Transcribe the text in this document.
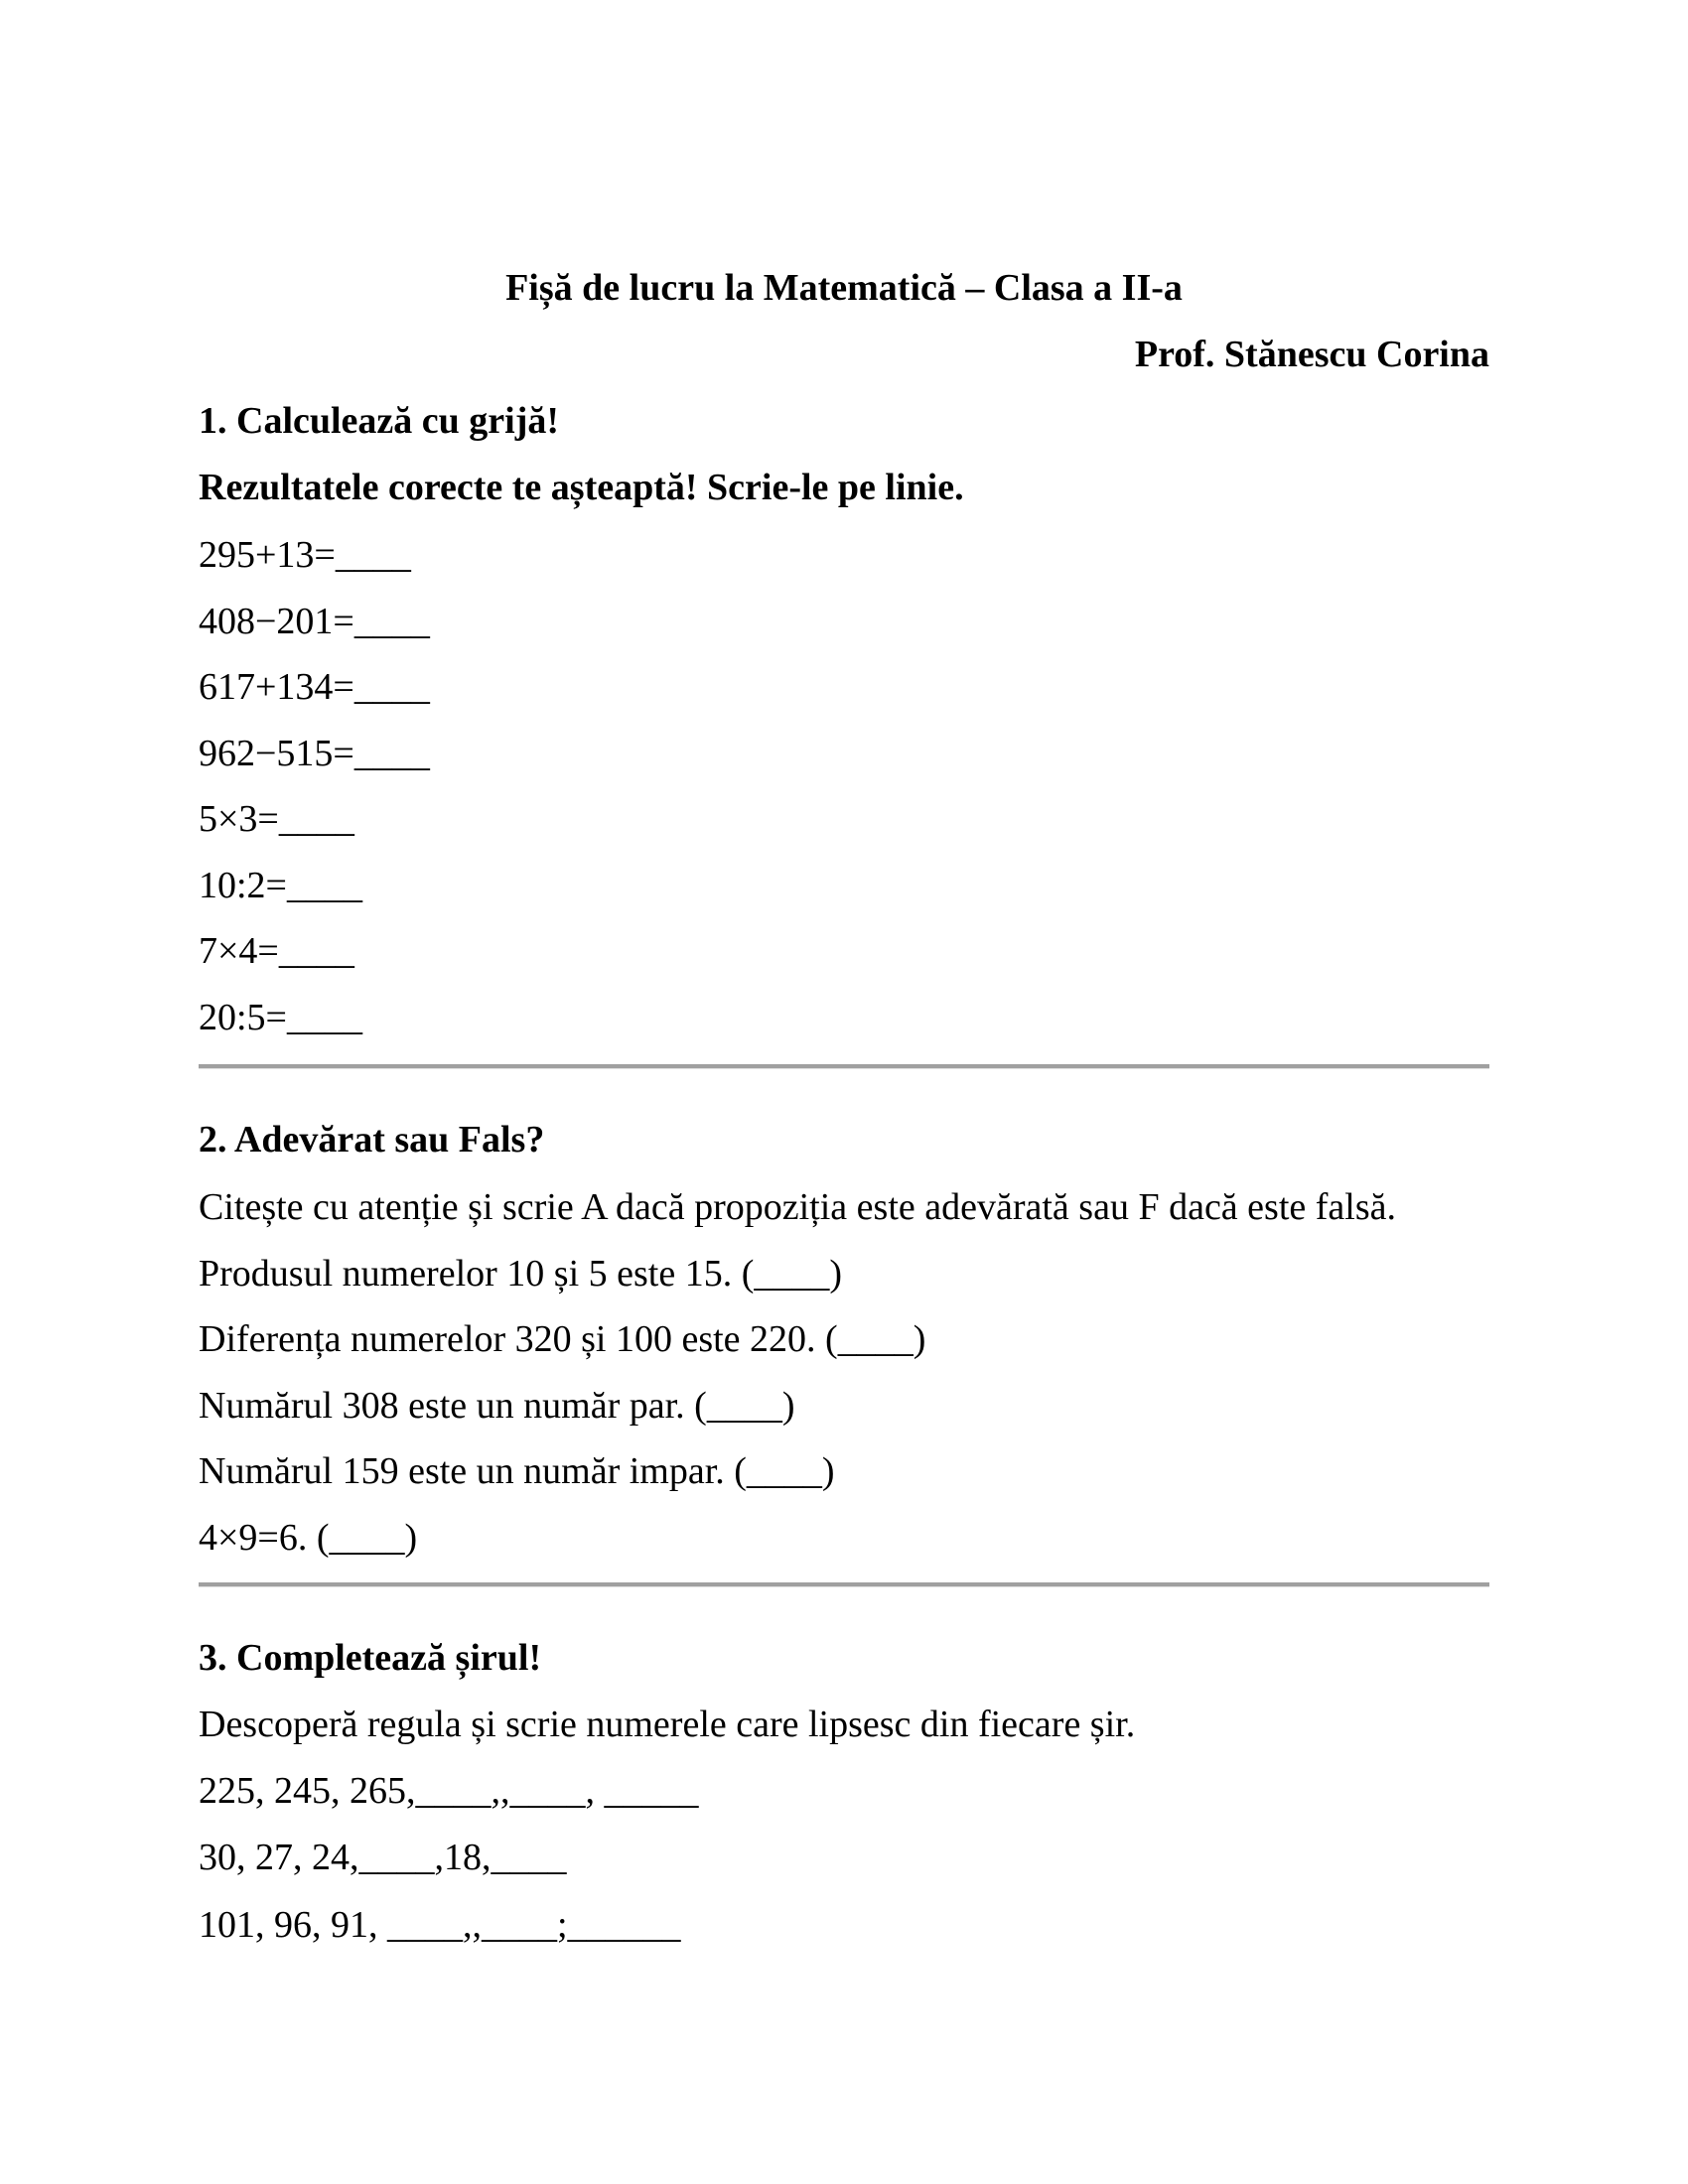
Fișă de lucru la Matematică – Clasa a II-a
Prof. Stănescu Corina
1. Calculează cu grijă!
Rezultatele corecte te așteaptă! Scrie-le pe linie.
295+13=____
408−201=____
617+134=____
962−515=____
5×3=____
10:2=____
7×4=____
20:5=____
2. Adevărat sau Fals?
Citește cu atenție și scrie A dacă propoziția este adevărată sau F dacă este falsă.
Produsul numerelor 10 și 5 este 15. (____)
Diferența numerelor 320 și 100 este 220. (____)
Numărul 308 este un număr par. (____)
Numărul 159 este un număr impar. (____)
4×9=6. (____)
3. Completează șirul!
Descoperă regula și scrie numerele care lipsesc din fiecare șir.
225, 245, 265,____,,____, _____
30, 27, 24,____,18,____
101, 96, 91, ____,,____;______
